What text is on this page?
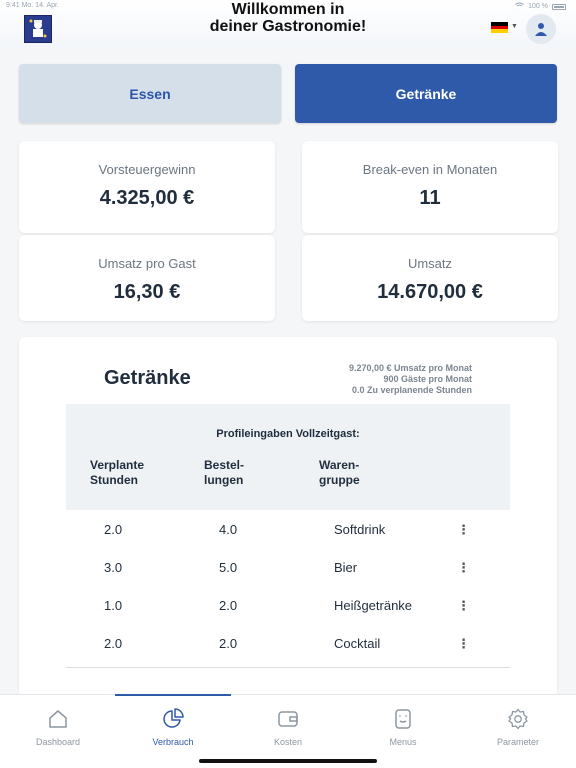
9:41 Mo. 14. Apr.	100 %
Willkommen in
deiner Gastronomie!	▼
Essen	Getränke
Vorsteuergewinn
4.325,00 €
Break-even in Monaten
11
Umsatz pro Gast
16,30 €
Umsatz
14.670,00 €
Getränke	9.270,00 € Umsatz pro Monat
900 Gäste pro Monat
0.0 Zu verplanende Stunden
Profileingaben Vollzeitgast:
Verplante
Stunden
Bestel-
lungen
Waren-
gruppe
2.0	4.0	Softdrink	⋮
3.0	5.0	Bier	⋮
1.0	2.0	Heißgetränke	⋮
2.0	2.0	Cocktail	⋮
Dashboard	Verbrauch	Kosten	Menus	Parameter
